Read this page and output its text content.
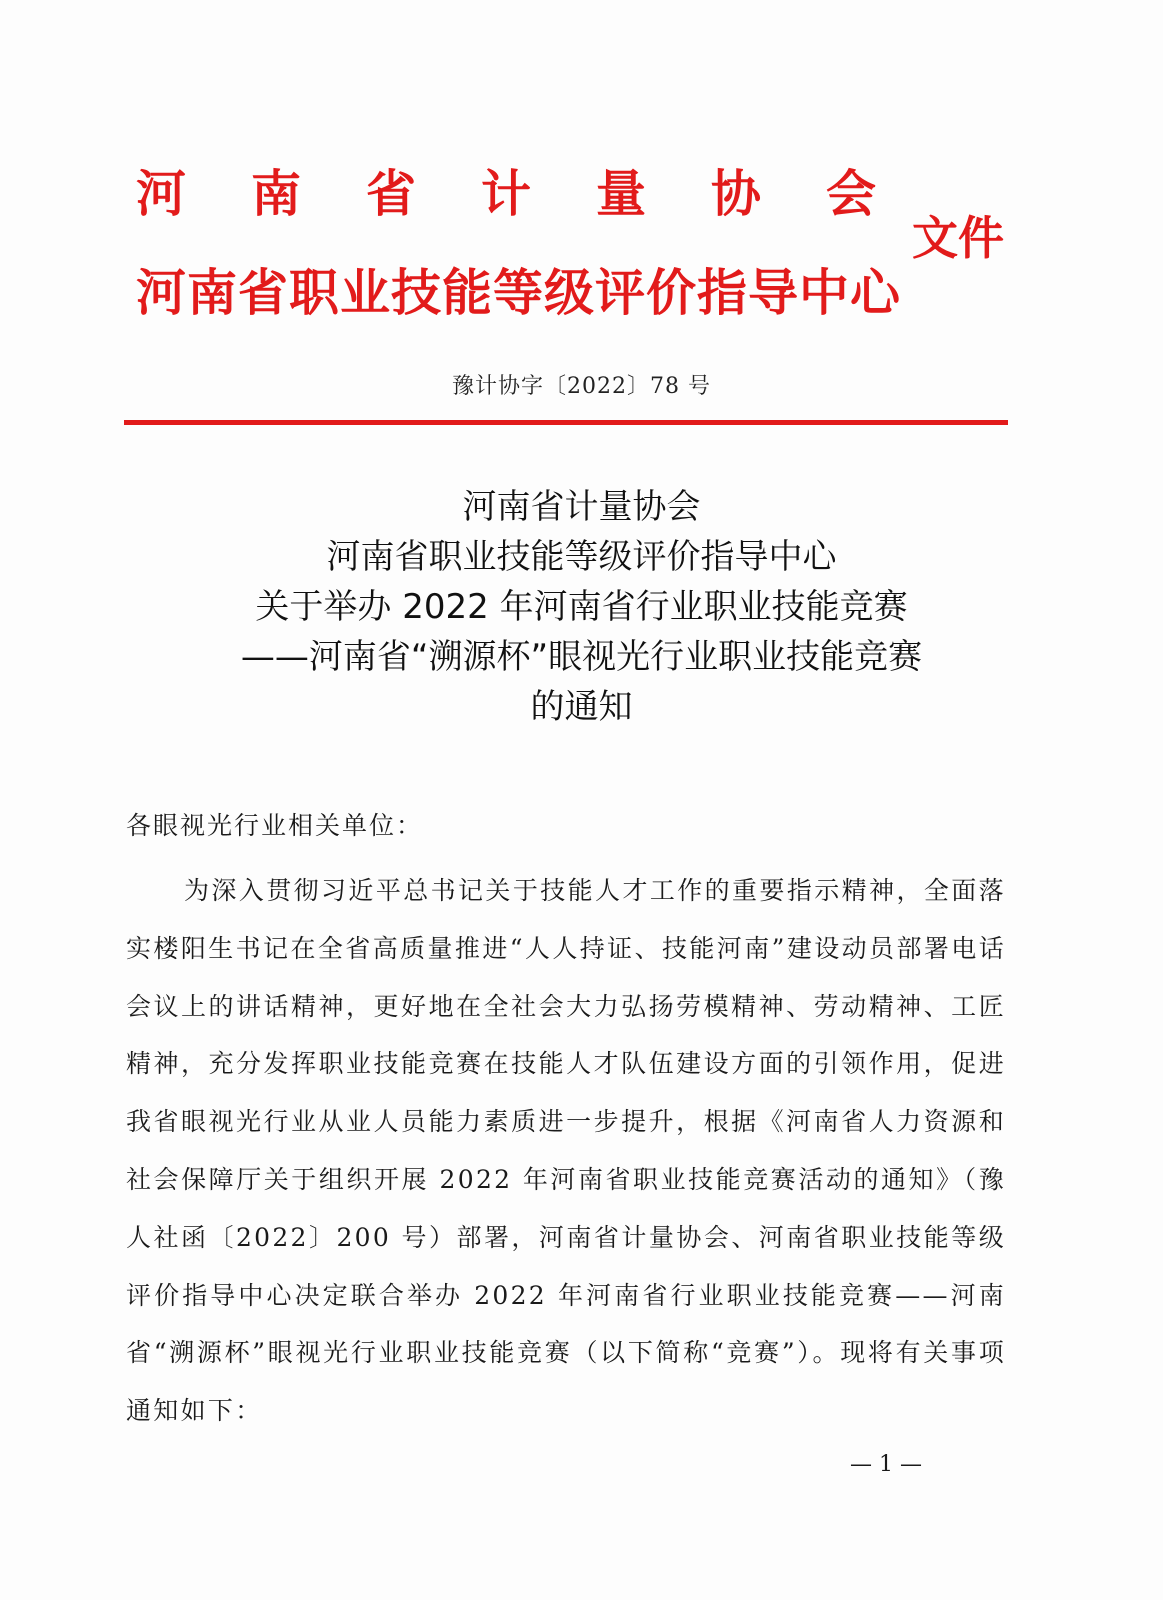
河 南 省 计 量 协 会
河南省职业技能等级评价指导中心
文件
豫计协字〔2022〕78 号
河南省计量协会
河南省职业技能等级评价指导中心
关于举办 2022 年河南省行业职业技能竞赛
——河南省“溯源杯”眼视光行业职业技能竞赛
的通知
各眼视光行业相关单位：
为深入贯彻习近平总书记关于技能人才工作的重要指示精神，全面落实楼阳生书记在全省高质量推进“人人持证、技能河南”建设动员部署电话会议上的讲话精神，更好地在全社会大力弘扬劳模精神、劳动精神、工匠精神，充分发挥职业技能竞赛在技能人才队伍建设方面的引领作用，促进我省眼视光行业从业人员能力素质进一步提升，根据《河南省人力资源和社会保障厅关于组织开展 2022 年河南省职业技能竞赛活动的通知》（豫人社函〔2022〕200 号）部署，河南省计量协会、河南省职业技能等级评价指导中心决定联合举办 2022 年河南省行业职业技能竞赛——河南省“溯源杯”眼视光行业职业技能竞赛（以下简称“竞赛”）。现将有关事项通知如下：
— 1 —
